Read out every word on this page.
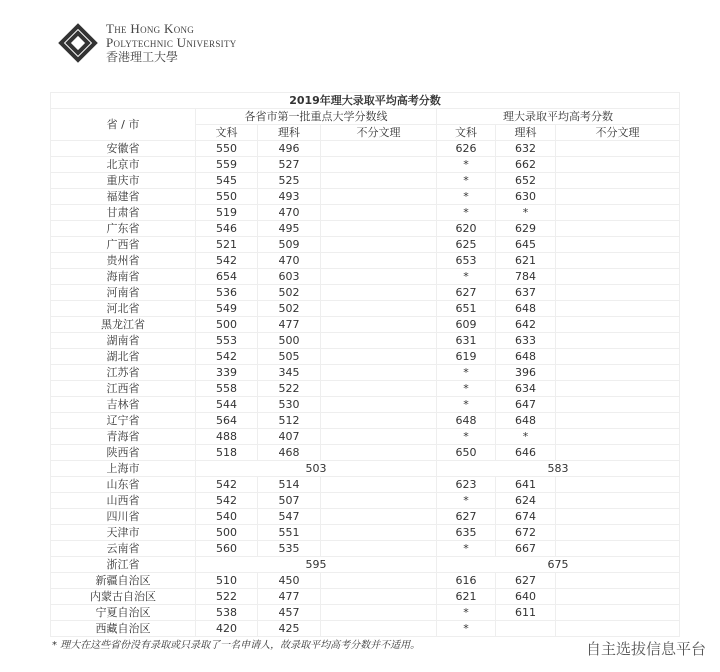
The Hong Kong
Polytechnic University
香港理工大學
2019年理大录取平均高考分数						
省 / 市	各省市第一批重点大学分数线			理大录取平均高考分数		
	文科	理科	不分文理	文科	理科	不分文理
安徽省	550	496		626	632	
北京市	559	527		*	662	
重庆市	545	525		*	652	
福建省	550	493		*	630	
甘肃省	519	470		*	*	
广东省	546	495		620	629	
广西省	521	509		625	645	
贵州省	542	470		653	621	
海南省	654	603		*	784	
河南省	536	502		627	637	
河北省	549	502		651	648	
黑龙江省	500	477		609	642	
湖南省	553	500		631	633	
湖北省	542	505		619	648	
江苏省	339	345		*	396	
江西省	558	522		*	634	
吉林省	544	530		*	647	
辽宁省	564	512		648	648	
青海省	488	407		*	*	
陕西省	518	468		650	646	
上海市	503			583		
山东省	542	514		623	641	
山西省	542	507		*	624	
四川省	540	547		627	674	
天津市	500	551		635	672	
云南省	560	535		*	667	
浙江省	595			675		
新疆自治区	510	450		616	627	
内蒙古自治区	522	477		621	640	
宁夏自治区	538	457		*	611	
西藏自治区	420	425		*		
* 理大在这些省份没有录取或只录取了一名申请人，故录取平均高考分数并不适用。	自主选拔信息平台
